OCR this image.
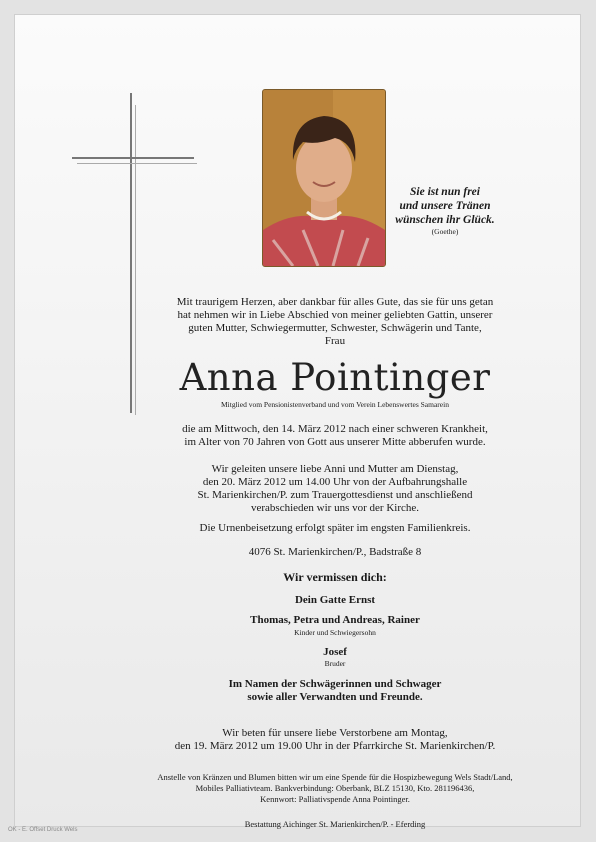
Sie ist nun frei
und unsere Tränen
wünschen ihr Glück.
(Goethe)

Mit traurigem Herzen, aber dankbar für alles Gute, das sie für uns getan

hat nehmen wir in Liebe Abschied von meiner geliebten Gattin, unserer

guten Mutter, Schwiegermutter, Schwester, Schwägerin und Tante,

Frau

Anna Pointinger
Mitglied vom Pensionistenverband und vom Verein Lebenswertes Samarein

die am Mittwoch, den 14. März 2012 nach einer schweren Krankheit,

im Alter von 70 Jahren von Gott aus unserer Mitte abberufen wurde.

Wir geleiten unsere liebe Anni und Mutter am Dienstag,

den 20. März 2012 um 14.00 Uhr von der Aufbahrungshalle

St. Marienkirchen/P. zum Trauergottesdienst und anschließend

verabschieden wir uns vor der Kirche.

Die Urnenbeisetzung erfolgt später im engsten Familienkreis.
4076 St. Marienkirchen/P., Badstraße 8
Wir vermissen dich:
Dein Gatte Ernst
Thomas, Petra und Andreas, Rainer
Kinder und Schwiegersohn
Josef
Bruder

Im Namen der Schwägerinnen und Schwager

sowie aller Verwandten und Freunde.

Wir beten für unsere liebe Verstorbene am Montag,

den 19. März 2012 um 19.00 Uhr in der Pfarrkirche St. Marienkirchen/P.

Anstelle von Kränzen und Blumen bitten wir um eine Spende für die Hospizbewegung Wels Stadt/Land,
Mobiles Palliativteam. Bankverbindung: Oberbank, BLZ 15130, Kto. 281196436,
Kennwort: Palliativspende Anna Pointinger.
Bestattung Aichinger St. Marienkirchen/P. - Eferding
OK - E. Offset Druck Wels
